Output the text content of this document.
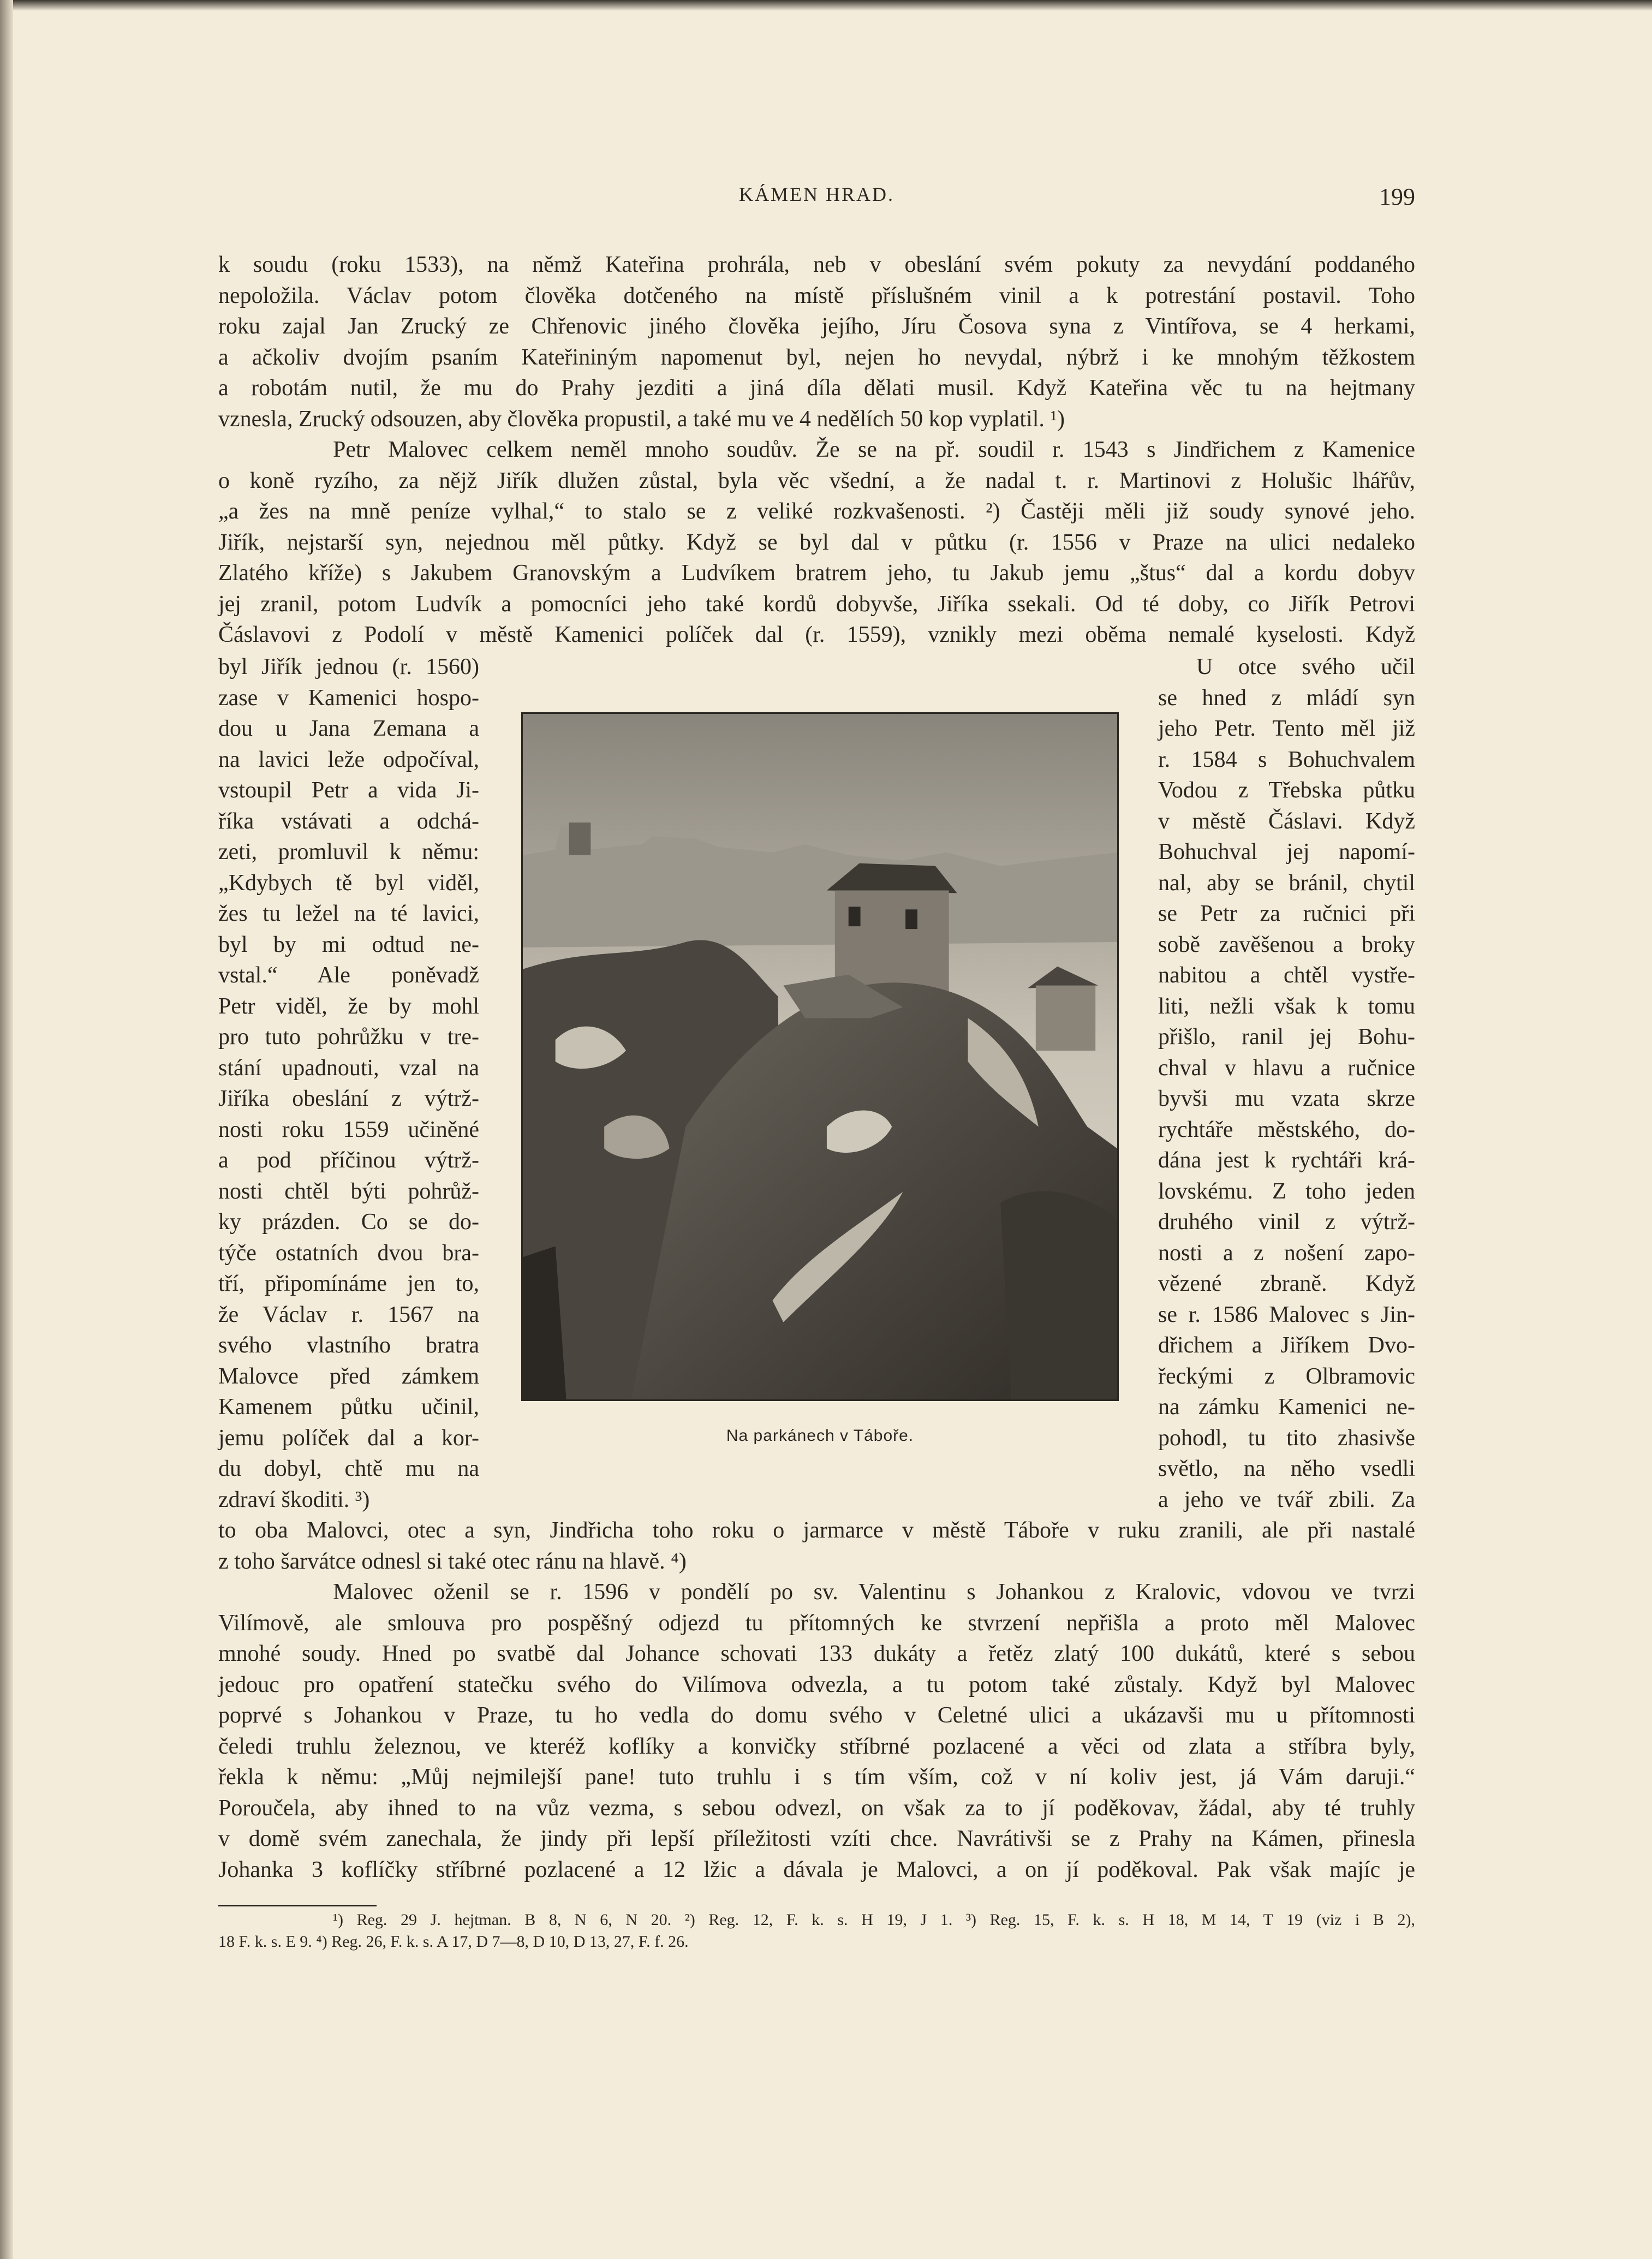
KÁMEN HRAD.	199

k soudu (roku 1533), na němž Kateřina prohrála, neb v obeslání svém pokuty za nevydání poddaného
nepoložila. Václav potom člověka dotčeného na místě příslušném vinil a k potrestání postavil. Toho
roku zajal Jan Zrucký ze Chřenovic jiného člověka jejího, Jíru Čosova syna z Vintířova, se 4 herkami,
a ačkoliv dvojím psaním Kateřininým napomenut byl, nejen ho nevydal, nýbrž i ke mnohým těžkostem
a robotám nutil, že mu do Prahy jezditi a jiná díla dělati musil. Když Kateřina věc tu na hejtmany
vznesla, Zrucký odsouzen, aby člověka propustil, a také mu ve 4 nedělích 50 kop vyplatil. ¹)

Petr Malovec celkem neměl mnoho soudův. Že se na př. soudil r. 1543 s Jindřichem z Kamenice
o koně ryzího, za nějž Jiřík dlužen zůstal, byla věc všední, a že nadal t. r. Martinovi z Holušic lhářův,
„a žes na mně peníze vylhal,“ to stalo se z veliké rozkvašenosti. ²) Častěji měli již soudy synové jeho.
Jiřík, nejstarší syn, nejednou měl půtky. Když se byl dal v půtku (r. 1556 v Praze na ulici nedaleko
Zlatého kříže) s Jakubem Granovským a Ludvíkem bratrem jeho, tu Jakub jemu „štus“ dal a kordu dobyv
jej zranil, potom Ludvík a pomocníci jeho také kordů dobyvše, Jiříka ssekali. Od té doby, co Jiřík Petrovi
Čáslavovi z Podolí v městě Kamenici políček dal (r. 1559), vznikly mezi oběma nemalé kyselosti. Když

byl Jiřík jednou (r. 1560)
zase v Kamenici hospo-
dou u Jana Zemana a
na lavici leže odpočíval,
vstoupil Petr a vida Ji-
říka vstávati a odchá-
zeti, promluvil k němu:
„Kdybych tě byl viděl,
žes tu ležel na té lavici,
byl by mi odtud ne-
vstal.“ Ale poněvadž
Petr viděl, že by mohl
pro tuto pohrůžku v tre-
stání upadnouti, vzal na
Jiříka obeslání z výtrž-
nosti roku 1559 učiněné
a pod příčinou výtrž-
nosti chtěl býti pohrůž-
ky prázden. Co se do-
týče ostatních dvou bra-
tří, připomínáme jen to,
že Václav r. 1567 na
svého vlastního bratra
Malovce před zámkem
Kamenem půtku učinil,
jemu políček dal a kor-
du dobyl, chtě mu na
zdraví škoditi. ³)

Na parkánech v Táboře.

U otce svého učil
se hned z mládí syn
jeho Petr. Tento měl již
r. 1584 s Bohuchvalem
Vodou z Třebska půtku
v městě Čáslavi. Když
Bohuchval jej napomí-
nal, aby se bránil, chytil
se Petr za ručnici při
sobě zavěšenou a broky
nabitou a chtěl vystře-
liti, nežli však k tomu
přišlo, ranil jej Bohu-
chval v hlavu a ručnice
byvši mu vzata skrze
rychtáře městského, do-
dána jest k rychtáři krá-
lovskému. Z toho jeden
druhého vinil z výtrž-
nosti a z nošení zapo-
vězené zbraně. Když
se r. 1586 Malovec s Jin-
dřichem a Jiříkem Dvo-
řeckými z Olbramovic
na zámku Kamenici ne-
pohodl, tu tito zhasivše
světlo, na něho vsedli
a jeho ve tvář zbili. Za

to oba Malovci, otec a syn, Jindřicha toho roku o jarmarce v městě Táboře v ruku zranili, ale při nastalé
z toho šarvátce odnesl si také otec ránu na hlavě. ⁴)

Malovec oženil se r. 1596 v pondělí po sv. Valentinu s Johankou z Kralovic, vdovou ve tvrzi
Vilímově, ale smlouva pro pospěšný odjezd tu přítomných ke stvrzení nepřišla a proto měl Malovec
mnohé soudy. Hned po svatbě dal Johance schovati 133 dukáty a řetěz zlatý 100 dukátů, které s sebou
jedouc pro opatření statečku svého do Vilímova odvezla, a tu potom také zůstaly. Když byl Malovec
poprvé s Johankou v Praze, tu ho vedla do domu svého v Celetné ulici a ukázavši mu u přítomnosti
čeledi truhlu železnou, ve kteréž koflíky a konvičky stříbrné pozlacené a věci od zlata a stříbra byly,
řekla k němu: „Můj nejmilejší pane! tuto truhlu i s tím vším, což v ní koliv jest, já Vám daruji.“
Poroučela, aby ihned to na vůz vezma, s sebou odvezl, on však za to jí poděkovav, žádal, aby té truhly
v domě svém zanechala, že jindy při lepší příležitosti vzíti chce. Navrátivši se z Prahy na Kámen, přinesla
Johanka 3 koflíčky stříbrné pozlacené a 12 lžic a dávala je Malovci, a on jí poděkoval. Pak však majíc je

¹) Reg. 29 J. hejtman. B 8, N 6, N 20. ²) Reg. 12, F. k. s. H 19, J 1. ³) Reg. 15, F. k. s. H 18, M 14, T 19 (viz i B 2),
18 F. k. s. E 9. ⁴) Reg. 26, F. k. s. A 17, D 7—8, D 10, D 13, 27, F. f. 26.
